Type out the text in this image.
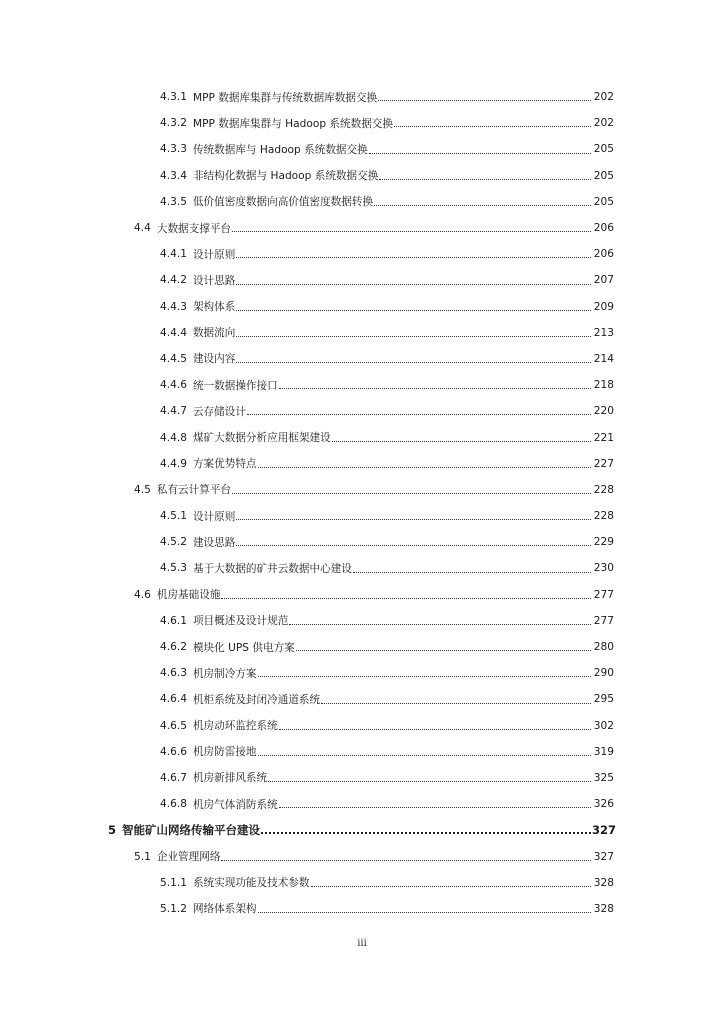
4.3.1 MPP 数据库集群与传统数据库数据交换	202
4.3.2 MPP 数据库集群与 Hadoop 系统数据交换	202
4.3.3 传统数据库与 Hadoop 系统数据交换	205
4.3.4 非结构化数据与 Hadoop 系统数据交换	205
4.3.5 低价值密度数据向高价值密度数据转换	205
4.4 大数据支撑平台	206
4.4.1 设计原则	206
4.4.2 设计思路	207
4.4.3 架构体系	209
4.4.4 数据流向	213
4.4.5 建设内容	214
4.4.6 统一数据操作接口	218
4.4.7 云存储设计	220
4.4.8 煤矿大数据分析应用框架建设	221
4.4.9 方案优势特点	227
4.5 私有云计算平台	228
4.5.1 设计原则	228
4.5.2 建设思路	229
4.5.3 基于大数据的矿井云数据中心建设	230
4.6 机房基础设施	277
4.6.1 项目概述及设计规范	277
4.6.2 模块化 UPS 供电方案	280
4.6.3 机房制冷方案	290
4.6.4 机柜系统及封闭冷通道系统	295
4.6.5 机房动环监控系统	302
4.6.6 机房防雷接地	319
4.6.7 机房新排风系统	325
4.6.8 机房气体消防系统	326
5 智能矿山网络传输平台建设	327
5.1 企业管理网络	327
5.1.1 系统实现功能及技术参数	328
5.1.2 网络体系架构	328
iii
